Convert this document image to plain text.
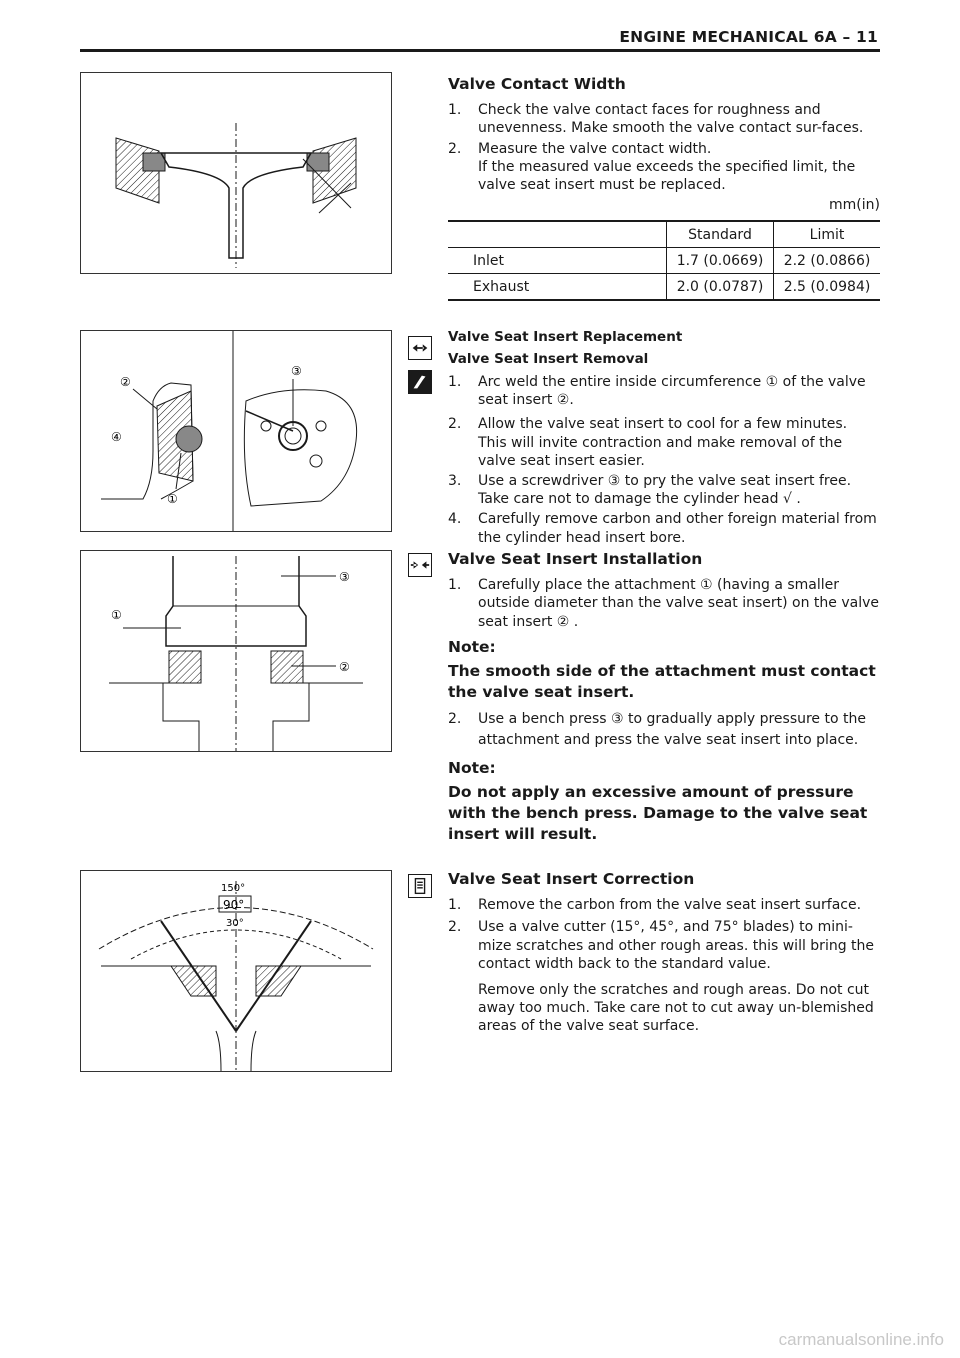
ENGINE MECHANICAL 6A – 11
Valve Contact Width
1. Check the valve contact faces for roughness and unevenness. Make smooth the valve contact sur-faces.
2. Measure the valve contact width.
If the measured value exceeds the specified limit, the valve seat insert must be replaced.
mm(in)
	Standard	Limit
Inlet	1.7 (0.0669)	2.2 (0.0866)
Exhaust	2.0 (0.0787)	2.5 (0.0984)
②
④
①
③
Valve Seat Insert Replacement
Valve Seat Insert Removal
1. Arc weld the entire inside circumference ① of the valve seat insert ②.
2. Allow the valve seat insert to cool for a few minutes. This will invite contraction and make removal of the valve seat insert easier.
3. Use a screwdriver ③ to pry the valve seat insert free. Take care not to damage the cylinder head √ .
4. Carefully remove carbon and other foreign material from the cylinder head insert bore.
①
③
②
Valve Seat Insert Installation
1. Carefully place the attachment ① (having a smaller outside diameter than the valve seat insert) on the valve seat insert ② .
Note:
The smooth side of the attachment must contact the valve seat insert.
2. Use a bench press ③ to gradually apply pressure to the attachment and press the valve seat insert into place.
Note:
Do not apply an excessive amount of pressure with the bench press. Damage to the valve seat insert will result.
150°
90°
30°
Valve Seat Insert Correction
1. Remove the carbon from the valve seat insert surface.
2. Use a valve cutter (15°, 45°, and 75° blades) to mini-mize scratches and other rough areas. this will bring the contact width back to the standard value.
Remove only the scratches and rough areas. Do not cut away too much. Take care not to cut away un-blemished areas of the valve seat surface.
carmanualsonline.info
